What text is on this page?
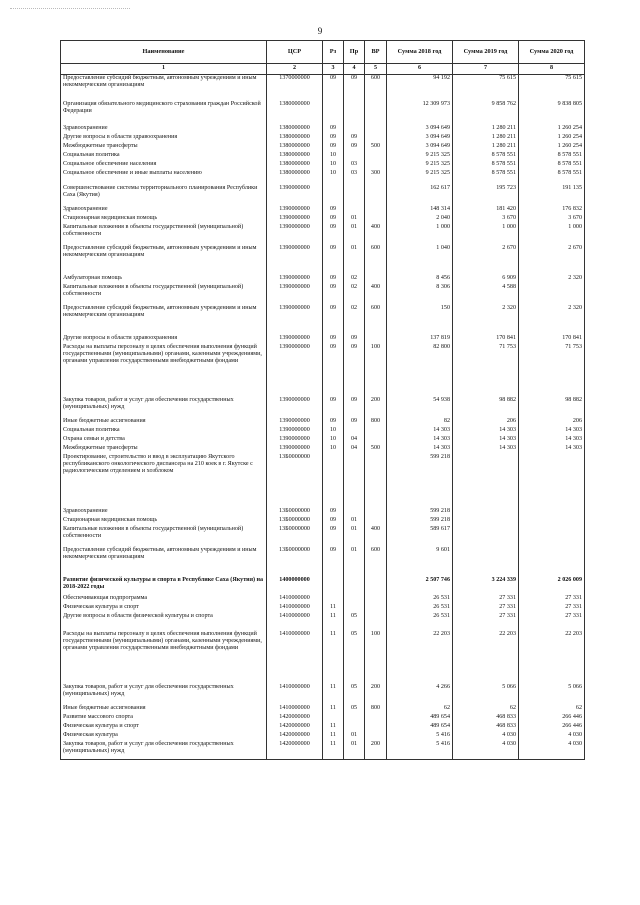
9
Наименование	ЦСР	Рз	Пр	ВР	Сумма 2018 год	Сумма 2019 год	Сумма 2020 год
1	2	3	4	5	6	7	8
Предоставление субсидий бюджетным, автономным учреждениям и иным некоммерческим организациям	1370000000	09	09	600	94 192	75 615	75 615

Организация обязательного медицинского страхования граждан Российской Федерации	1380000000				12 309 973	9 858 762	9 838 805

Здравоохранение	1380000000	09			3 094 649	1 280 211	1 260 254
Другие вопросы в области здравоохранения	1380000000	09	09		3 094 649	1 280 211	1 260 254
Межбюджетные трансферты	1380000000	09	09	500	3 094 649	1 280 211	1 260 254
Социальная политика	1380000000	10			9 215 325	8 578 551	8 578 551
Социальное обеспечение населения	1380000000	10	03		9 215 325	8 578 551	8 578 551
Социальное обеспечение и иные выплаты населению	1380000000	10	03	300	9 215 325	8 578 551	8 578 551

Совершенствование системы территориального планирования Республики Саха (Якутия)	1390000000				162 617	195 723	191 135

Здравоохранение	1390000000	09			148 314	181 420	176 832
Стационарная медицинская помощь	1390000000	09	01		2 040	3 670	3 670
Капитальные вложения в объекты государственной (муниципальной) собственности	1390000000	09	01	400	1 000	1 000	1 000

Предоставление субсидий бюджетным, автономным учреждениям и иным некоммерческим организациям	1390000000	09	01	600	1 040	2 670	2 670

Амбулаторная помощь	1390000000	09	02		8 456	6 909	2 320
Капитальные вложения в объекты государственной (муниципальной) собственности	1390000000	09	02	400	8 306	4 588	

Предоставление субсидий бюджетным, автономным учреждениям и иным некоммерческим организациям	1390000000	09	02	600	150	2 320	2 320

Другие вопросы в области здравоохранения	1390000000	09	09		137 819	170 841	170 841
Расходы на выплаты персоналу в целях обеспечения выполнения функций государственными (муниципальными) органами, казенными учреждениями, органами управления государственными внебюджетными фондами	1390000000	09	09	100	82 800	71 753	71 753

Закупка товаров, работ и услуг для обеспечения государственных (муниципальных) нужд	1390000000	09	09	200	54 938	98 882	98 882

Иные бюджетные ассигнования	1390000000	09	09	800	82	206	206
Социальная политика	1390000000	10			14 303	14 303	14 303
Охрана семьи и детства	1390000000	10	04		14 303	14 303	14 303
Межбюджетные трансферты	1390000000	10	04	500	14 303	14 303	14 303
Проектирование, строительство и ввод в эксплуатацию Якутского республиканского онкологического диспансера на 210 коек в г. Якутске с радиологическим отделением и хозблоком	13Б0000000				599 218		

Здравоохранение	13Б0000000	09			599 218		
Стационарная медицинская помощь	13Б0000000	09	01		599 218		
Капитальные вложения в объекты государственной (муниципальной) собственности	13Б0000000	09	01	400	589 617		

Предоставление субсидий бюджетным, автономным учреждениям и иным некоммерческим организациям	13Б0000000	09	01	600	9 601		

Развитие физической культуры и спорта в Республике Саха (Якутия) на 2018-2022 годы	1400000000				2 507 746	3 224 339	2 026 009
Обеспечивающая подпрограмма	1410000000				26 531	27 331	27 331
Физическая культура и спорт	1410000000	11			26 531	27 331	27 331
Другие вопросы в области физической культуры и спорта	1410000000	11	05		26 531	27 331	27 331
Расходы на выплаты персоналу в целях обеспечения выполнения функций государственными (муниципальными) органами, казенными учреждениями, органами управления государственными внебюджетными фондами	1410000000	11	05	100	22 203	22 203	22 203

Закупка товаров, работ и услуг для обеспечения государственных (муниципальных) нужд	1410000000	11	05	200	4 266	5 066	5 066

Иные бюджетные ассигнования	1410000000	11	05	800	62	62	62
Развитие массового спорта	1420000000				489 654	468 833	266 446
Физическая культура и спорт	1420000000	11			489 654	468 833	266 446
Физическая культура	1420000000	11	01		5 416	4 030	4 030
Закупка товаров, работ и услуг для обеспечения государственных (муниципальных) нужд	1420000000	11	01	200	5 416	4 030	4 030
